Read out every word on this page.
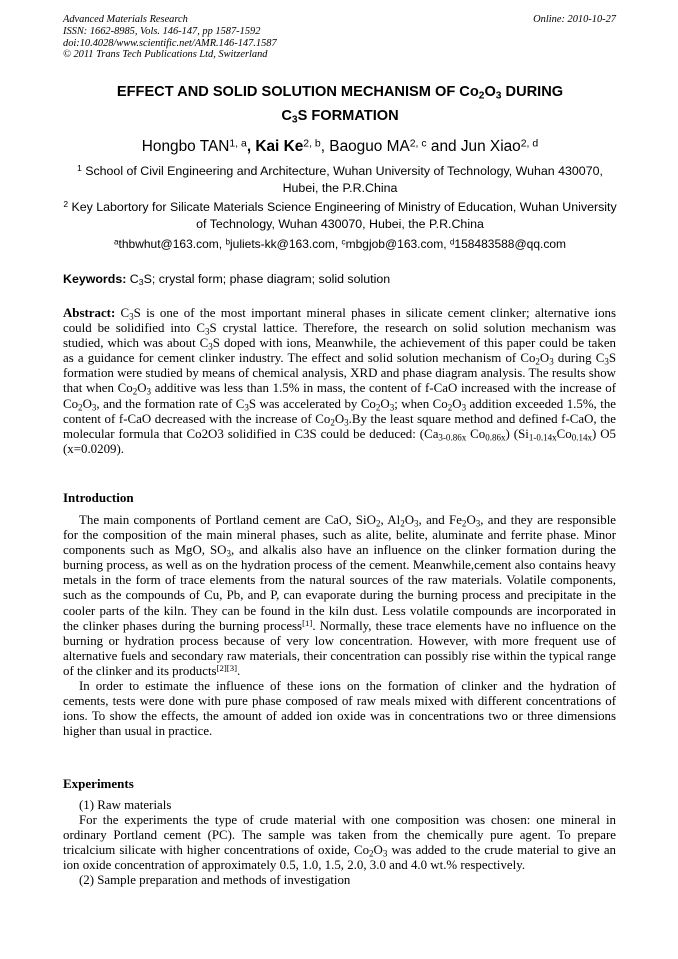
Advanced Materials Research
ISSN: 1662-8985, Vols. 146-147, pp 1587-1592
doi:10.4028/www.scientific.net/AMR.146-147.1587
© 2011 Trans Tech Publications Ltd, Switzerland
Online: 2010-10-27
EFFECT AND SOLID SOLUTION MECHANISM OF $Co_2O_3$ DURING
$C_3S$ FORMATION
Hongbo TAN$^{1, a}$, Kai Ke$^{2, b}$, Baoguo MA$^{2, c}$ and Jun Xiao$^{2, d}$
$^1$ School of Civil Engineering and Architecture, Wuhan University of Technology, Wuhan 430070, Hubei, the P.R.China
$^2$ Key Labortory for Silicate Materials Science Engineering of Ministry of Education, Wuhan University of Technology, Wuhan 430070, Hubei, the P.R.China
$^a$thbwhut@163.com, $^b$juliets-kk@163.com, $^c$mbgjob@163.com, $^d$158483588@qq.com
Keywords: $C_3S$; crystal form; phase diagram; solid solution
Abstract: $C_3S$ is one of the most important mineral phases in silicate cement clinker; alternative ions could be solidified into $C_3S$ crystal lattice. Therefore, the research on solid solution mechanism was studied, which was about $C_3S$ doped with ions, Meanwhile, the achievement of this paper could be taken as a guidance for cement clinker industry. The effect and solid solution mechanism of $Co_2O_3$ during $C_3S$ formation were studied by means of chemical analysis, XRD and phase diagram analysis. The results show that when $Co_2O_3$ additive was less than 1.5% in mass, the content of f-CaO increased with the increase of $Co_2O_3$, and the formation rate of $C_3S$ was accelerated by $Co_2O_3$; when $Co_2O_3$ addition exceeded 1.5%, the content of f-CaO decreased with the increase of $Co_2O_3.By$ the least square method and defined f-CaO, the molecular formula that Co2O3 solidified in C3S could be deduced: ($Ca_{3-0.86x}$ $Co_{0.86x}$) $(Si_{1-0.14x}Co_{0.14x})$ O5 (x=0.0209).
Introduction

The main components of Portland cement are CaO, SiO$_2$, $Al_2O_3$, and $Fe_2O_3$, and they are responsible for the composition of the main mineral phases, such as alite, belite, aluminate and ferrite phase. Minor components such as MgO, $SO_3$, and alkalis also have an influence on the clinker formation during the burning process, as well as on the hydration process of the cement. Meanwhile,cement also contains heavy metals in the form of trace elements from the natural sources of the raw materials. Volatile components, such as the compounds of Cu, Pb, and P, can evaporate during the burning process and precipitate in the cooler parts of the kiln. They can be found in the kiln dust. Less volatile compounds are incorporated in the clinker phases during the burning process[1]. Normally, these trace elements have no influence on the burning or hydration process because of very low concentration. However, with more frequent use of alternative fuels and secondary raw materials, their concentration can possibly rise within the typical range of the clinker and its products[2][3].

In order to estimate the influence of these ions on the formation of clinker and the hydration of cements, tests were done with pure phase composed of raw meals mixed with different concentrations of ions. To show the effects, the amount of added ion oxide was in concentrations two or three dimensions higher than usual in practice.

Experiments

(1) Raw materials

For the experiments the type of crude material with one composition was chosen: one mineral in ordinary Portland cement (PC). The sample was taken from the chemically pure agent. To prepare tricalcium silicate with higher concentrations of oxide, $Co_2O_3$ was added to the crude material to give an ion oxide concentration of approximately 0.5, 1.0, 1.5, 2.0, 3.0 and 4.0 wt.% respectively.

(2) Sample preparation and methods of investigation
